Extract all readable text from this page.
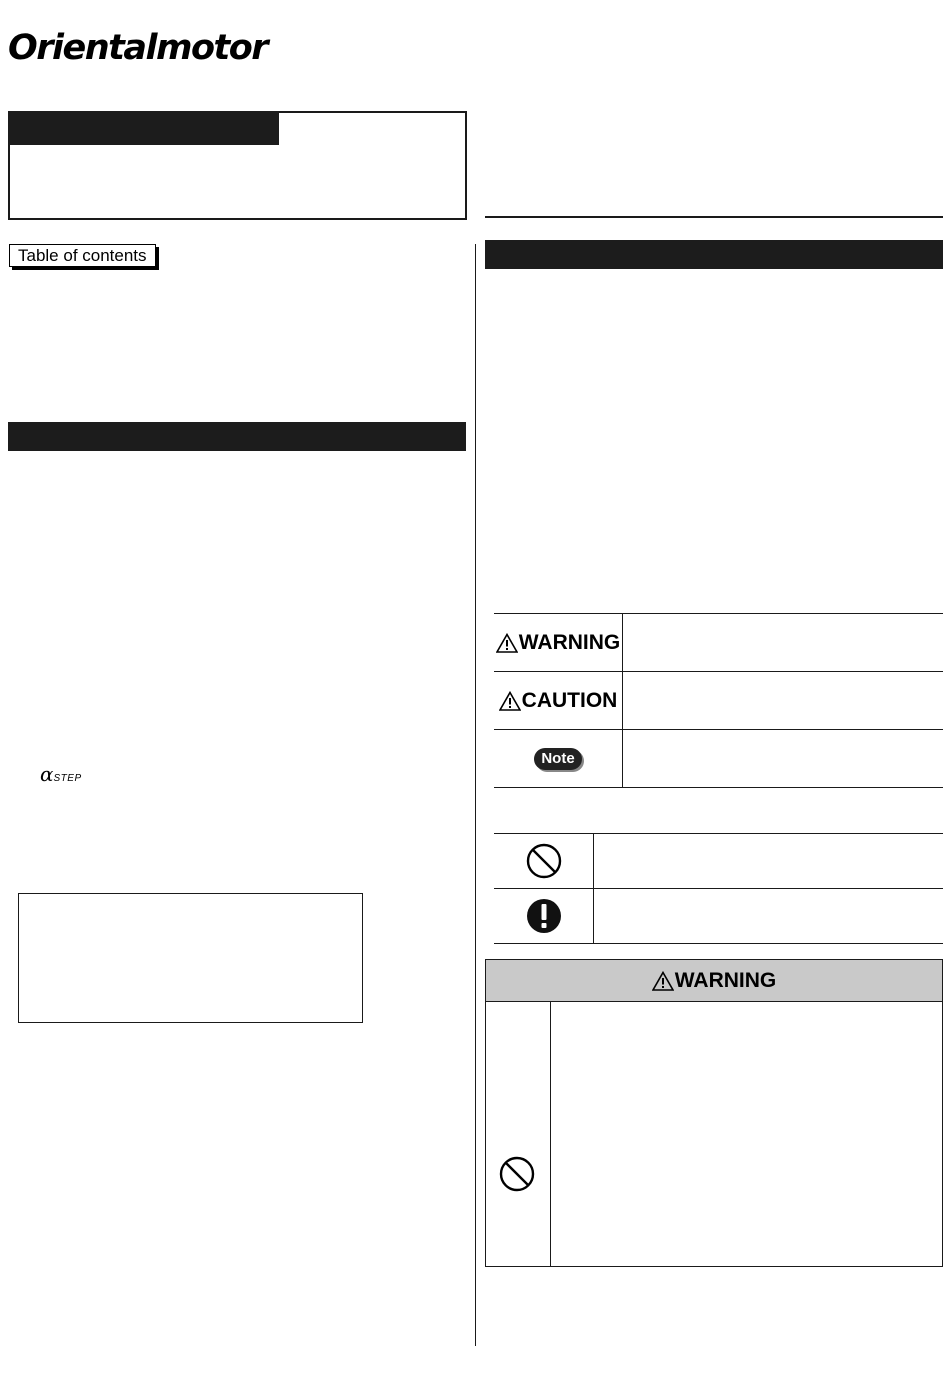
Orientalmotor
Table of contents
αSTEP
WARNING
CAUTION
Note
WARNING
